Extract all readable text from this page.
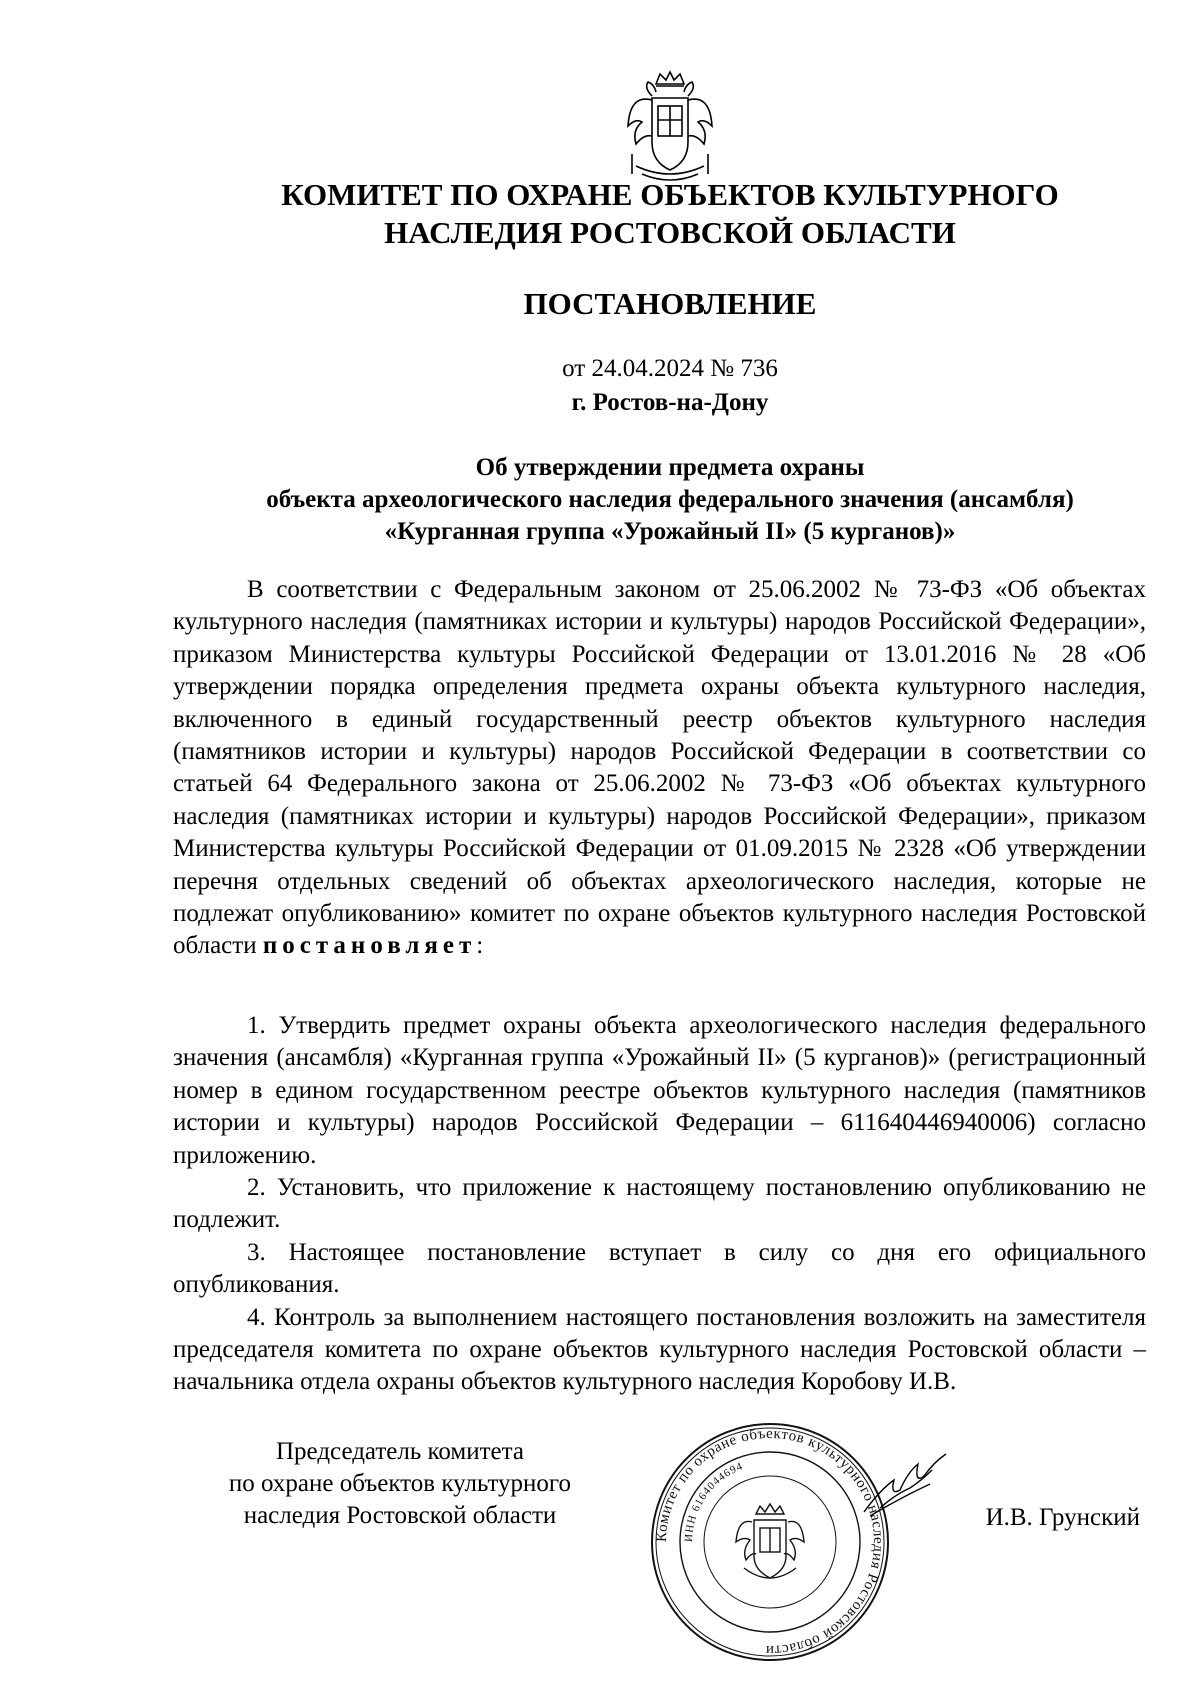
КОМИТЕТ ПО ОХРАНЕ ОБЪЕКТОВ КУЛЬТУРНОГО
НАСЛЕДИЯ РОСТОВСКОЙ ОБЛАСТИ
ПОСТАНОВЛЕНИЕ
от 24.04.2024 № 736
г. Ростов-на-Дону
Об утверждении предмета охраны
объекта археологического наследия федерального значения (ансамбля)
«Курганная группа «Урожайный II» (5 курганов)»

В соответствии с Федеральным законом от 25.06.2002 № 73-ФЗ «Об объектах культурного наследия (памятниках истории и культуры) народов Российской Федерации», приказом Министерства культуры Российской Федерации от 13.01.2016 № 28 «Об утверждении порядка определения предмета охраны объекта культурного наследия, включенного в единый государственный реестр объектов культурного наследия (памятников истории и культуры) народов Российской Федерации в соответствии со статьей 64 Федерального закона от 25.06.2002 № 73-ФЗ «Об объектах культурного наследия (памятниках истории и культуры) народов Российской Федерации», приказом Министерства культуры Российской Федерации от 01.09.2015 № 2328 «Об утверждении перечня отдельных сведений об объектах археологического наследия, которые не подлежат опубликованию» комитет по охране объектов культурного наследия Ростовской области постановляет:

1. Утвердить предмет охраны объекта археологического наследия федерального значения (ансамбля) «Курганная группа «Урожайный II» (5 курганов)» (регистрационный номер в едином государственном реестре объектов культурного наследия (памятников истории и культуры) народов Российской Федерации – 611640446940006) согласно приложению.

2. Установить, что приложение к настоящему постановлению опубликованию не подлежит.

3. Настоящее постановление вступает в силу со дня его официального опубликования.

4. Контроль за выполнением настоящего постановления возложить на заместителя председателя комитета по охране объектов культурного наследия Ростовской области – начальника отдела охраны объектов культурного наследия Коробову И.В.

Председатель комитета
по охране объектов культурного
наследия Ростовской области
Комитет по охране объектов культурного наследия Ростовской области
ИНН 6164044694
И.В. Грунский
